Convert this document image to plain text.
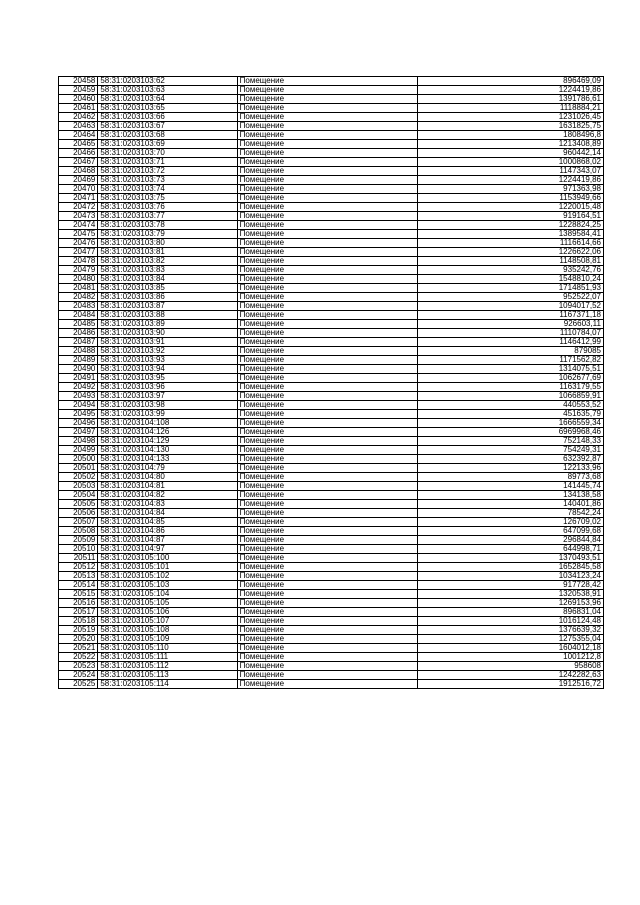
20458	58:31:0203103:62	Помещение	896469,09
20459	58:31:0203103:63	Помещение	1224419,86
20460	58:31:0203103:64	Помещение	1391786,61
20461	58:31:0203103:65	Помещение	1118884,21
20462	58:31:0203103:66	Помещение	1231026,45
20463	58:31:0203103:67	Помещение	1631825,75
20464	58:31:0203103:68	Помещение	1808496,8
20465	58:31:0203103:69	Помещение	1213408,89
20466	58:31:0203103:70	Помещение	960442,14
20467	58:31:0203103:71	Помещение	1000868,02
20468	58:31:0203103:72	Помещение	1147343,07
20469	58:31:0203103:73	Помещение	1224419,86
20470	58:31:0203103:74	Помещение	971363,98
20471	58:31:0203103:75	Помещение	1153949,66
20472	58:31:0203103:76	Помещение	1220015,48
20473	58:31:0203103:77	Помещение	919164,51
20474	58:31:0203103:78	Помещение	1228824,25
20475	58:31:0203103:79	Помещение	1389584,41
20476	58:31:0203103:80	Помещение	1116614,66
20477	58:31:0203103:81	Помещение	1226622,06
20478	58:31:0203103:82	Помещение	1148508,81
20479	58:31:0203103:83	Помещение	935242,76
20480	58:31:0203103:84	Помещение	1548810,24
20481	58:31:0203103:85	Помещение	1714851,93
20482	58:31:0203103:86	Помещение	952522,07
20483	58:31:0203103:87	Помещение	1094017,52
20484	58:31:0203103:88	Помещение	1167371,18
20485	58:31:0203103:89	Помещение	926603,11
20486	58:31:0203103:90	Помещение	1110784,07
20487	58:31:0203103:91	Помещение	1146412,99
20488	58:31:0203103:92	Помещение	879085
20489	58:31:0203103:93	Помещение	1171562,82
20490	58:31:0203103:94	Помещение	1314075,51
20491	58:31:0203103:95	Помещение	1062677,69
20492	58:31:0203103:96	Помещение	1163179,55
20493	58:31:0203103:97	Помещение	1066859,91
20494	58:31:0203103:98	Помещение	440553,52
20495	58:31:0203103:99	Помещение	451635,79
20496	58:31:0203104:108	Помещение	1666559,34
20497	58:31:0203104:126	Помещение	6969968,46
20498	58:31:0203104:129	Помещение	752148,33
20499	58:31:0203104:130	Помещение	754249,31
20500	58:31:0203104:133	Помещение	632392,87
20501	58:31:0203104:79	Помещение	122133,96
20502	58:31:0203104:80	Помещение	89773,68
20503	58:31:0203104:81	Помещение	141445,74
20504	58:31:0203104:82	Помещение	134138,58
20505	58:31:0203104:83	Помещение	140401,86
20506	58:31:0203104:84	Помещение	78542,24
20507	58:31:0203104:85	Помещение	126709,02
20508	58:31:0203104:86	Помещение	647099,68
20509	58:31:0203104:87	Помещение	296844,84
20510	58:31:0203104:97	Помещение	644998,71
20511	58:31:0203105:100	Помещение	1370493,51
20512	58:31:0203105:101	Помещение	1652845,58
20513	58:31:0203105:102	Помещение	1034123,24
20514	58:31:0203105:103	Помещение	917728,42
20515	58:31:0203105:104	Помещение	1320538,91
20516	58:31:0203105:105	Помещение	1269153,96
20517	58:31:0203105:106	Помещение	896831,04
20518	58:31:0203105:107	Помещение	1016124,48
20519	58:31:0203105:108	Помещение	1376639,32
20520	58:31:0203105:109	Помещение	1275355,04
20521	58:31:0203105:110	Помещение	1604012,18
20522	58:31:0203105:111	Помещение	1001212,8
20523	58:31:0203105:112	Помещение	958608
20524	58:31:0203105:113	Помещение	1242282,63
20525	58:31:0203105:114	Помещение	1912516,72
